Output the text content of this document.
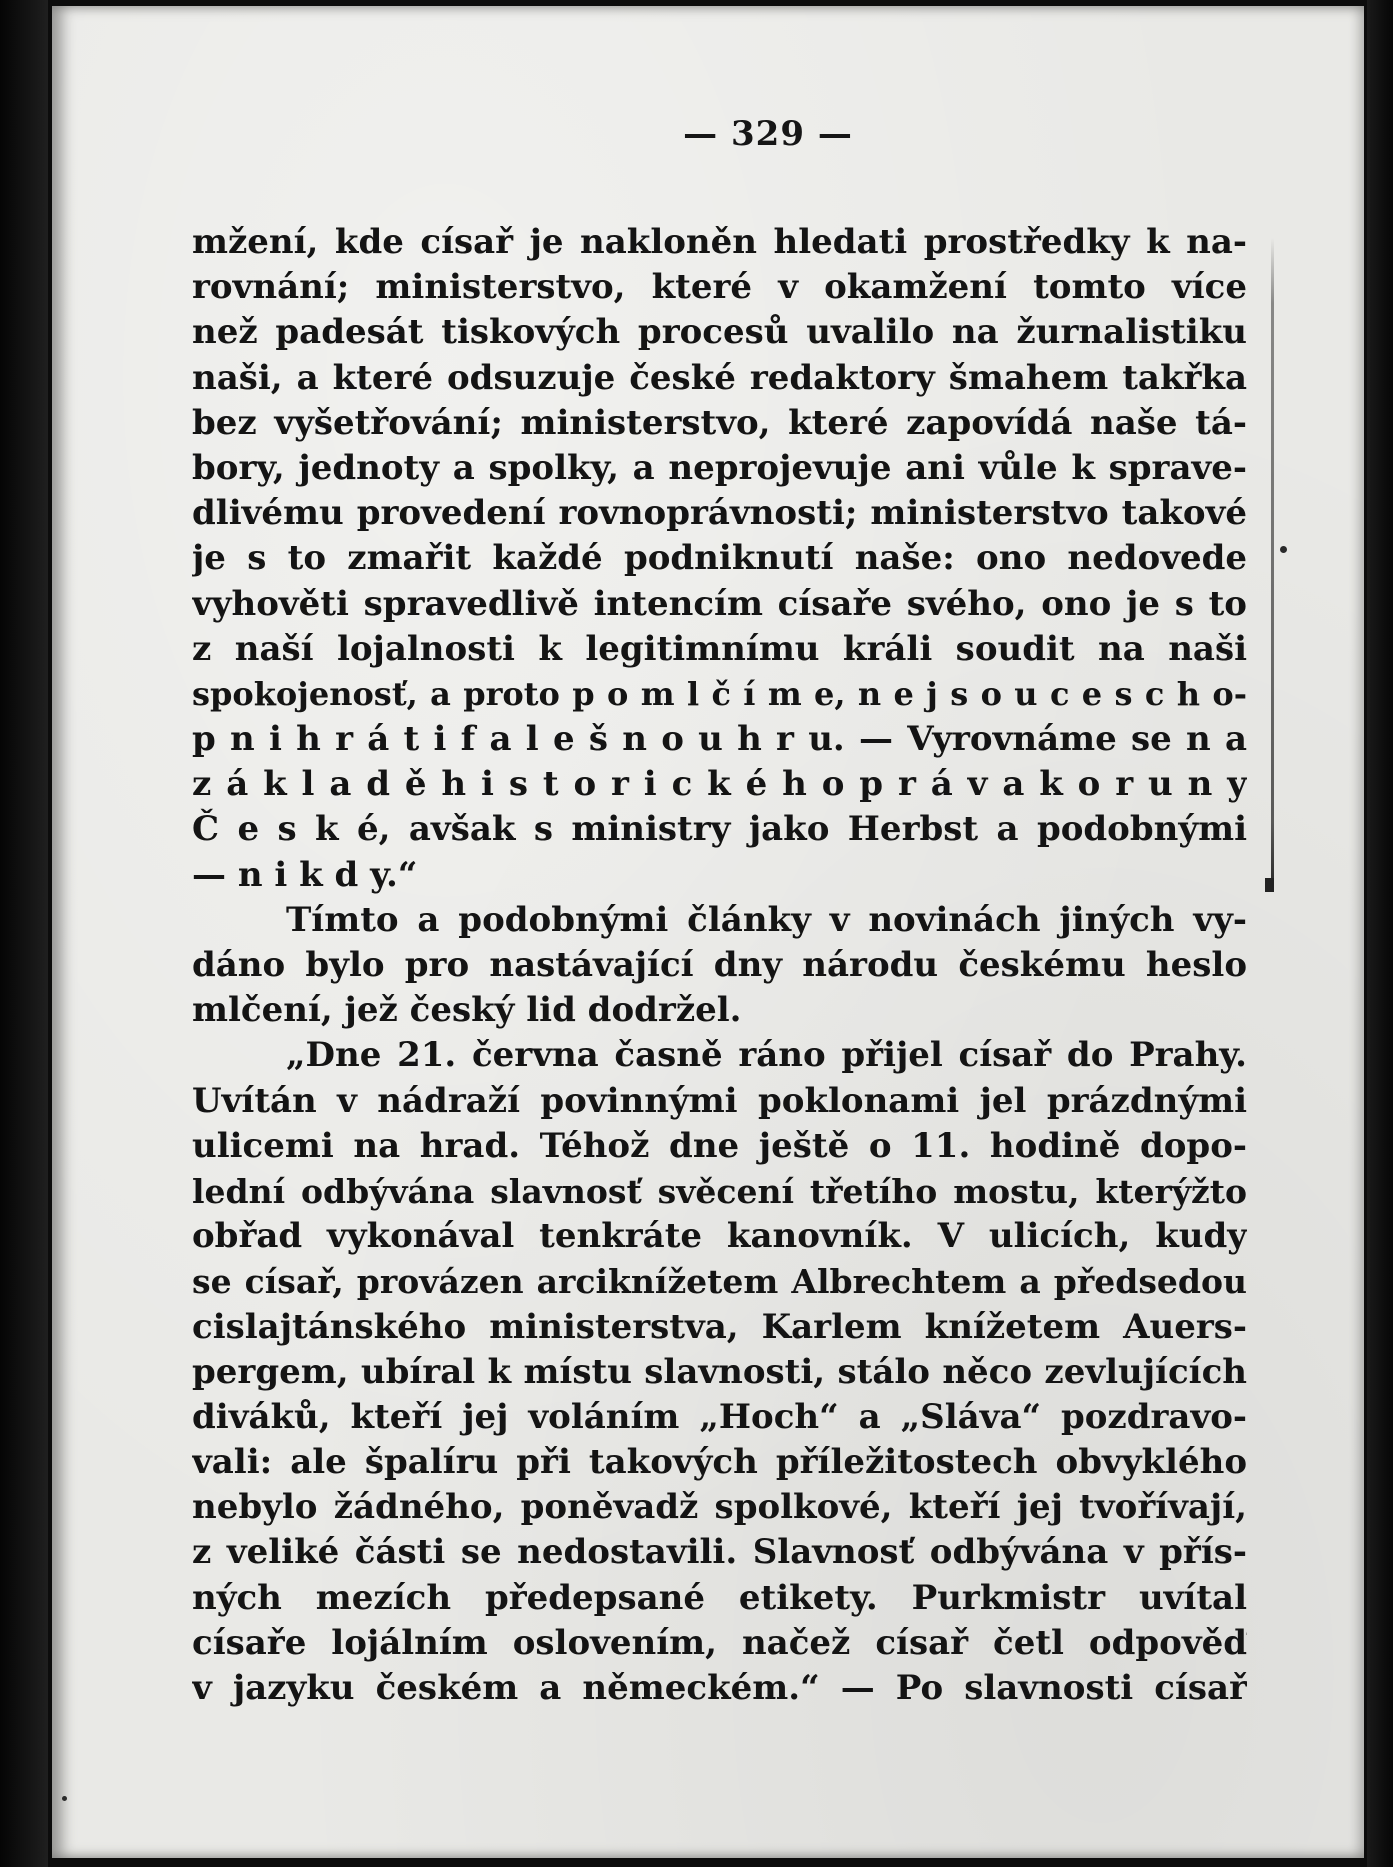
— 329 —
mžení, kde císař je nakloněn hledati prostředky k na-
rovnání; ministerstvo, které v okamžení tomto více
než padesát tiskových procesů uvalilo na žurnalistiku
naši, a které odsuzuje české redaktory šmahem takřka
bez vyšetřování; ministerstvo, které zapovídá naše tá-
bory, jednoty a spolky, a neprojevuje ani vůle k sprave-
dlivému provedení rovnoprávnosti; ministerstvo takové
je s to zmařit každé podniknutí naše: ono nedovede
vyhověti spravedlivě intencím císaře svého, ono je s to
z naší lojalnosti k legitimnímu králi soudit na naši
spokojenosť, a proto p o m l č í m e, n e j s o u c e s c h o-
p n i h r á t i f a l e š n o u h r u. — Vyrovnáme se n a
z á k l a d ě h i s t o r i c k é h o p r á v a k o r u n y
Č e s k é, avšak s ministry jako Herbst a podobnými
— n i k d y.“
Tímto a podobnými články v novinách jiných vy-
dáno bylo pro nastávající dny národu českému heslo
mlčení, jež český lid dodržel.
„Dne 21. června časně ráno přijel císař do Prahy.
Uvítán v nádraží povinnými poklonami jel prázdnými
ulicemi na hrad. Téhož dne ještě o 11. hodině dopo-
lední odbývána slavnosť svěcení třetího mostu, kterýžto
obřad vykonával tenkráte kanovník. V ulicích, kudy
se císař, provázen arciknížetem Albrechtem a předsedou
cislajtánského ministerstva, Karlem knížetem Auers-
pergem, ubíral k místu slavnosti, stálo něco zevlujících
diváků, kteří jej voláním „Hoch“ a „Sláva“ pozdravo-
vali: ale špalíru při takových příležitostech obvyklého
nebylo žádného, poněvadž spolkové, kteří jej tvořívají,
z veliké části se nedostavili. Slavnosť odbývána v přís-
ných mezích předepsané etikety. Purkmistr uvítal
císaře lojálním oslovením, načež císař četl odpověď
v jazyku českém a německém.“ — Po slavnosti císař
